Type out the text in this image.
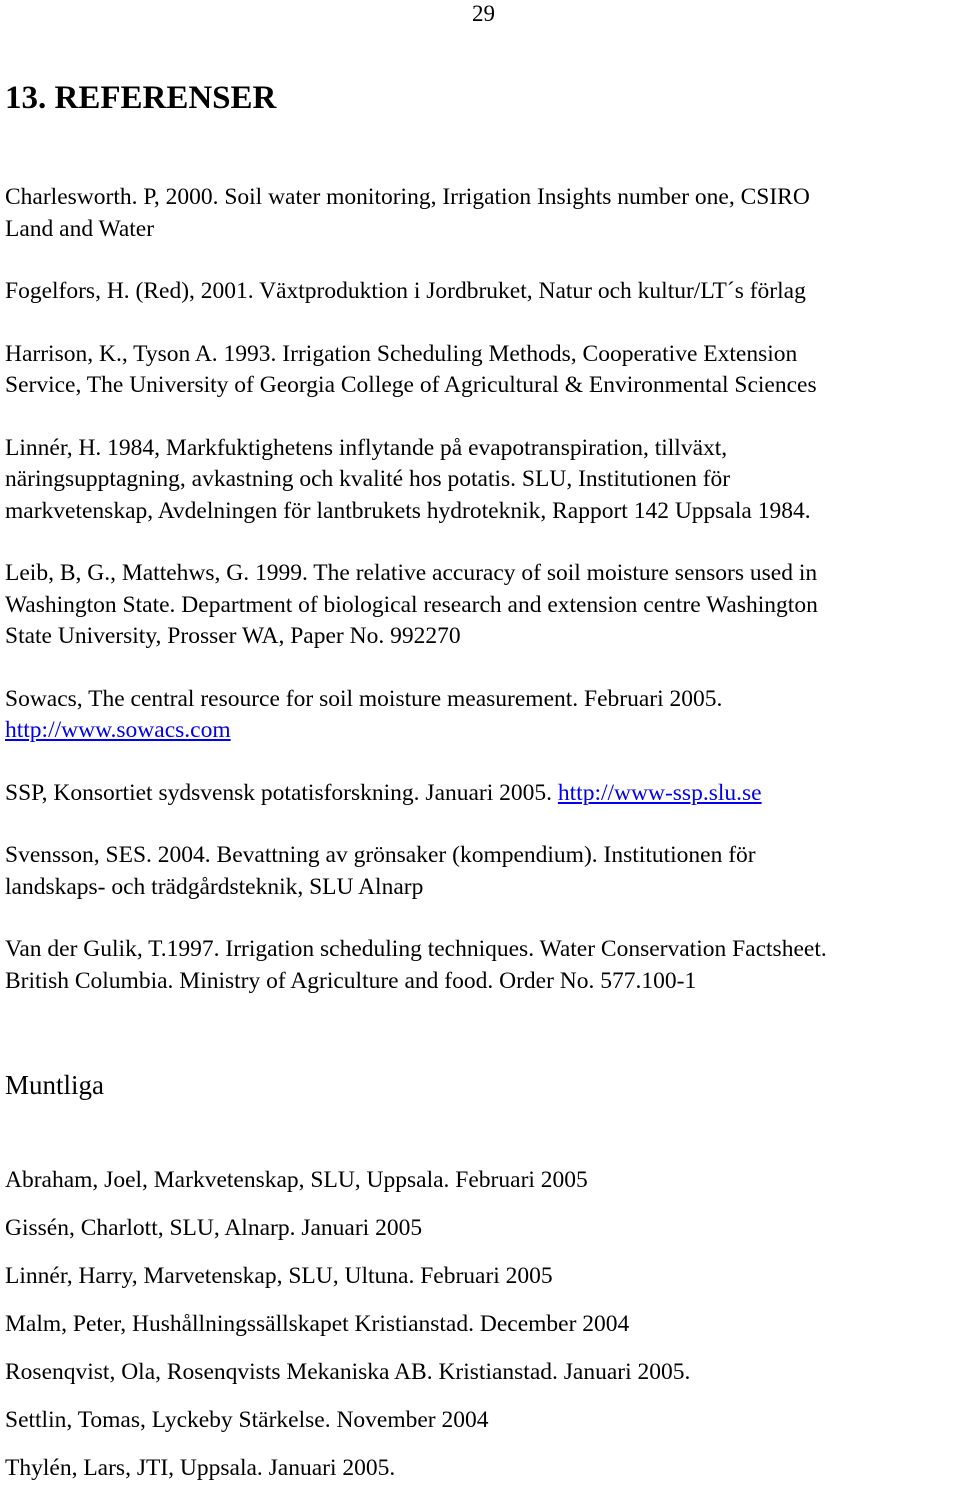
29
13. REFERENSER
Charlesworth. P, 2000. Soil water monitoring, Irrigation Insights number one, CSIRO
Land and Water
Fogelfors, H. (Red), 2001. Växtproduktion i Jordbruket, Natur och kultur/LT´s förlag
Harrison, K., Tyson A. 1993. Irrigation Scheduling Methods, Cooperative Extension
Service, The University of Georgia College of Agricultural & Environmental Sciences
Linnér, H. 1984, Markfuktighetens inflytande på evapotranspiration, tillväxt,
näringsupptagning, avkastning och kvalité hos potatis. SLU, Institutionen för
markvetenskap, Avdelningen för lantbrukets hydroteknik, Rapport 142 Uppsala 1984.
Leib, B, G., Mattehws, G. 1999. The relative accuracy of soil moisture sensors used in
Washington State. Department of biological research and extension centre Washington
State University, Prosser WA, Paper No. 992270
Sowacs, The central resource for soil moisture measurement. Februari 2005.
http://www.sowacs.com
SSP, Konsortiet sydsvensk potatisforskning. Januari 2005. http://www-ssp.slu.se
Svensson, SES. 2004. Bevattning av grönsaker (kompendium). Institutionen för
landskaps- och trädgårdsteknik, SLU Alnarp
Van der Gulik, T.1997. Irrigation scheduling techniques. Water Conservation Factsheet.
British Columbia. Ministry of Agriculture and food. Order No. 577.100-1
Muntliga
Abraham, Joel, Markvetenskap, SLU, Uppsala. Februari 2005
Gissén, Charlott, SLU, Alnarp. Januari 2005
Linnér, Harry, Marvetenskap, SLU, Ultuna. Februari 2005
Malm, Peter, Hushållningssällskapet Kristianstad. December 2004
Rosenqvist, Ola, Rosenqvists Mekaniska AB. Kristianstad. Januari 2005.
Settlin, Tomas, Lyckeby Stärkelse. November 2004
Thylén, Lars, JTI, Uppsala. Januari 2005.
